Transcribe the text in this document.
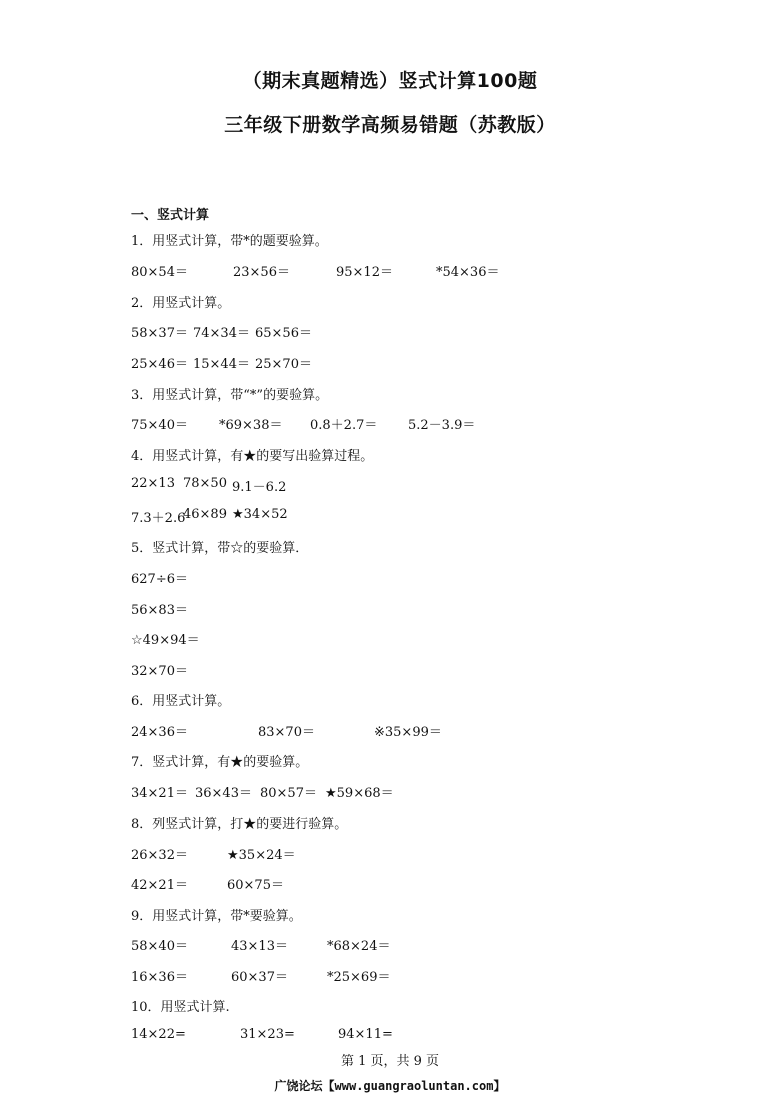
（期末真题精选）竖式计算100题
三年级下册数学高频易错题（苏教版）
一、竖式计算
1．用竖式计算，带*的题要验算。
80×54＝	23×56＝	95×12＝	*54×36＝
2．用竖式计算。
58×37＝ 74×34＝ 65×56＝
25×46＝ 15×44＝ 25×70＝
3．用竖式计算，带“*”的要验算。
75×40＝ *69×38＝ 0.8＋2.7＝ 5.2－3.9＝
4．用竖式计算，有★的要写出验算过程。
22×13 78×50 9.1－6.2
7.3＋2.6
46×89 ★34×52
5．竖式计算，带☆的要验算．
627÷6＝
56×83＝
☆49×94＝
32×70＝
6．用竖式计算。
24×36＝	83×70＝	※35×99＝
7．竖式计算，有★的要验算。
34×21＝ 36×43＝ 80×57＝ ★59×68＝
8．列竖式计算，打★的要进行验算。
26×32＝	★35×24＝
42×21＝	60×75＝
9．用竖式计算，带*要验算。
58×40＝	43×13＝	*68×24＝
16×36＝	60×37＝	*25×69＝
10．用竖式计算.
14×22=	31×23=	94×11=
第 1 页，共 9 页
广饶论坛【www.guangraoluntan.com】
